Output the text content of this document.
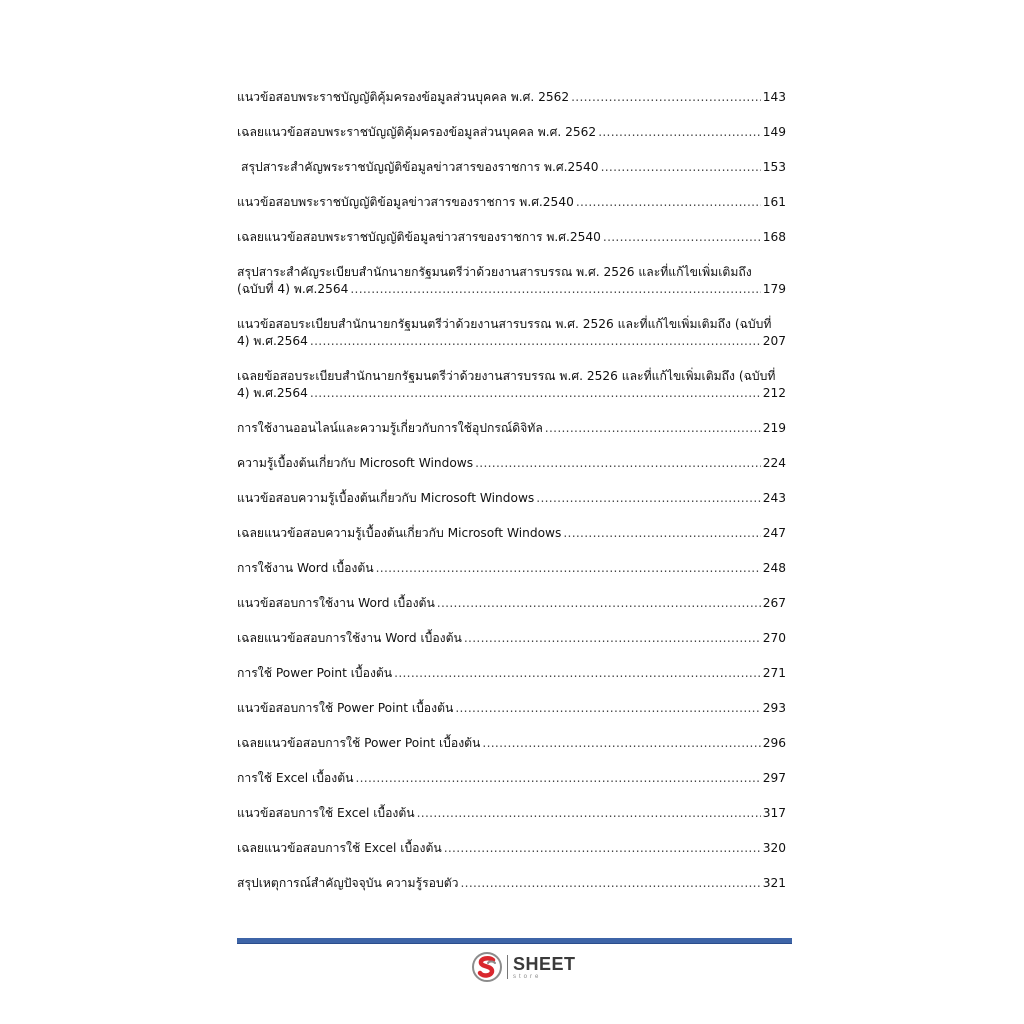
แนวข้อสอบพระราชบัญญัติคุ้มครองข้อมูลส่วนบุคคล พ.ศ. 2562 .....	143
เฉลยแนวข้อสอบพระราชบัญญัติคุ้มครองข้อมูลส่วนบุคคล พ.ศ. 2562 .....	149
สรุปสาระสำคัญพระราชบัญญัติข้อมูลข่าวสารของราชการ พ.ศ.2540 .....	153
แนวข้อสอบพระราชบัญญัติข้อมูลข่าวสารของราชการ พ.ศ.2540 .....	161
เฉลยแนวข้อสอบพระราชบัญญัติข้อมูลข่าวสารของราชการ พ.ศ.2540 .....	168
สรุปสาระสำคัญระเบียบสำนักนายกรัฐมนตรีว่าด้วยงานสารบรรณ พ.ศ. 2526 และที่แก้ไขเพิ่มเติมถึง
(ฉบับที่ 4) พ.ศ.2564 .....	179
แนวข้อสอบระเบียบสำนักนายกรัฐมนตรีว่าด้วยงานสารบรรณ พ.ศ. 2526 และที่แก้ไขเพิ่มเติมถึง (ฉบับที่
4) พ.ศ.2564 .....	207
เฉลยข้อสอบระเบียบสำนักนายกรัฐมนตรีว่าด้วยงานสารบรรณ พ.ศ. 2526 และที่แก้ไขเพิ่มเติมถึง (ฉบับที่
4) พ.ศ.2564 .....	212
การใช้งานออนไลน์และความรู้เกี่ยวกับการใช้อุปกรณ์ดิจิทัล .....	219
ความรู้เบื้องต้นเกี่ยวกับ Microsoft Windows .....	224
แนวข้อสอบความรู้เบื้องต้นเกี่ยวกับ Microsoft Windows .....	243
เฉลยแนวข้อสอบความรู้เบื้องต้นเกี่ยวกับ Microsoft Windows .....	247
การใช้งาน Word เบื้องต้น .....	248
แนวข้อสอบการใช้งาน Word เบื้องต้น .....	267
เฉลยแนวข้อสอบการใช้งาน Word เบื้องต้น .....	270
การใช้ Power Point เบื้องต้น .....	271
แนวข้อสอบการใช้ Power Point เบื้องต้น .....	293
เฉลยแนวข้อสอบการใช้ Power Point เบื้องต้น .....	296
การใช้ Excel เบื้องต้น .....	297
แนวข้อสอบการใช้ Excel เบื้องต้น .....	317
เฉลยแนวข้อสอบการใช้ Excel เบื้องต้น .....	320
สรุปเหตุการณ์สำคัญปัจจุบัน ความรู้รอบตัว .....	321
SHEET
store
